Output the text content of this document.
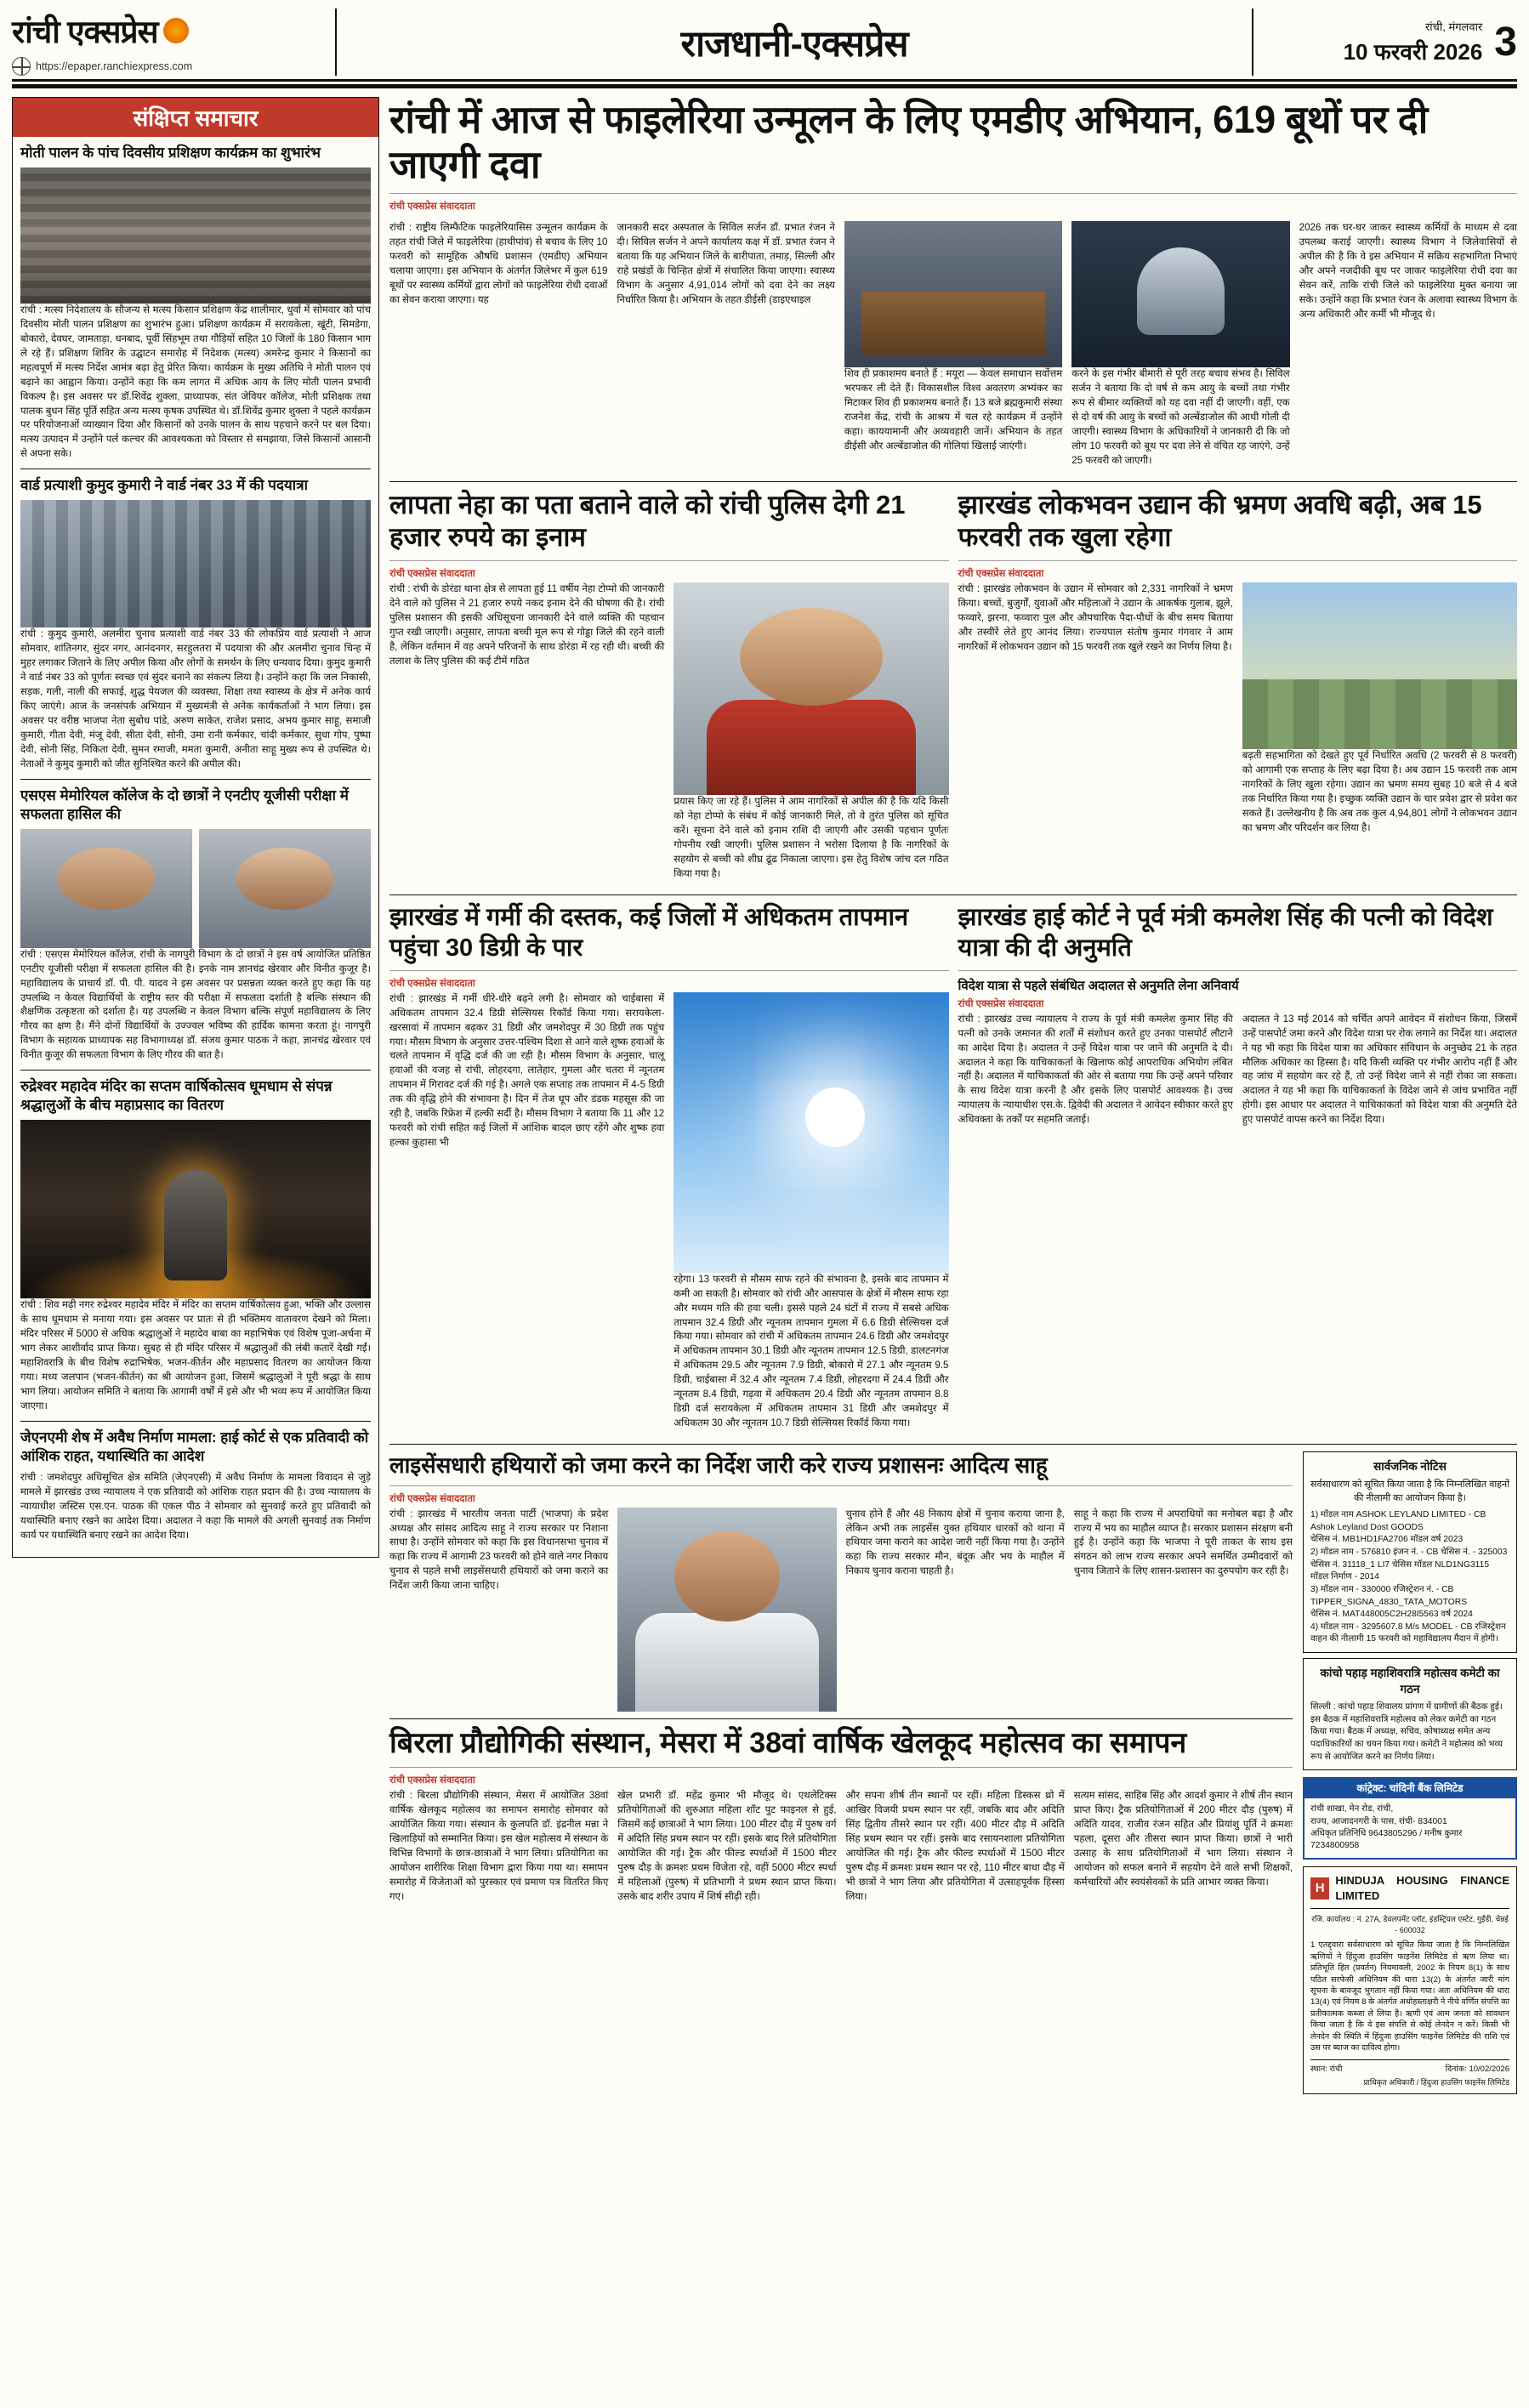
रांची एक्सप्रेस
https://epaper.ranchiexpress.com
राजधानी-एक्सप्रेस	रांची, मंगलवार
10 फरवरी 2026 3
संक्षिप्त समाचार
मोती पालन के पांच दिवसीय प्रशिक्षण कार्यक्रम का शुभारंभ

रांची : मत्स्य निदेशालय के सौजन्य से मत्स्य किसान प्रशिक्षण केंद्र शालीमार, धुर्वा में सोमवार को पांच दिवसीय मोती पालन प्रशिक्षण का शुभारंभ हुआ। प्रशिक्षण कार्यक्रम में सरायकेला, खूंटी, सिमडेगा, बोकारो, देवघर, जामताड़ा, धनबाद, पूर्वी सिंहभूम तथा गौड़ियों सहित 10 जिलों के 180 किसान भाग ले रहे हैं। प्रशिक्षण शिविर के उद्घाटन समारोह में निदेशक (मत्स्य) अमरेन्द्र कुमार ने किसानों का महत्वपूर्ण में मत्स्य निर्देश आमंत्र बढ़ा हेतु प्रेरित किया। कार्यक्रम के मुख्य अतिथि ने मोती पालन एवं बढ़ाने का आह्वान किया। उन्होंने कहा कि कम लागत में अधिक आय के लिए मोती पालन प्रभावी विकल्प है। इस अवसर पर डॉ.शिवेंद्र शुक्ला, प्राध्यापक, संत जेवियर कॉलेज, मोती प्रशिक्षक तथा पालक बुधन सिंह पूर्ति सहित अन्य मत्स्य कृषक उपस्थित थे। डॉ.शिवेंद्र कुमार शुक्ला ने पहले कार्यक्रम पर परियोजनाओं व्याख्यान दिया और किसानों को उनके पालन के साथ पहचाने करने पर बल दिया। मत्स्य उत्पादन में उन्होंने पर्ल कल्चर की आवश्यकता को विस्तार से समझाया, जिसे किसानों आसानी से अपना सके।

वार्ड प्रत्याशी कुमुद कुमारी ने वार्ड नंबर 33 में की पदयात्रा

रांची : कुमुद कुमारी, अलमीरा चुनाव प्रत्याशी वार्ड नंबर 33 की लोकप्रिय वार्ड प्रत्याशी ने आज सोमवार, शांतिनगर, सुंदर नगर, आनंदनगर, सरहुलतरा में पदयात्रा की और अलमीरा चुनाव चिन्ह में मुहर लगाकर जिताने के लिए अपील किया और लोगों के समर्थन के लिए धन्यवाद दिया। कुमुद कुमारी ने वार्ड नंबर 33 को पूर्णतः स्वच्छ एवं सुंदर बनाने का संकल्प लिया है। उन्होंने कहा कि जल निकासी, सड़क, गली, नाली की सफाई, शुद्ध पेयजल की व्यवस्था, शिक्षा तथा स्वास्थ्य के क्षेत्र में अनेक कार्य किए जाएंगे। आज के जनसंपर्क अभियान में मुख्यमंत्री से अनेक कार्यकर्ताओं ने भाग लिया। इस अवसर पर वरीष्ठ भाजपा नेता सुबोध पांडे, अरुण साकेत, राजेश प्रसाद, अभय कुमार साहू, समाजी कुमारी, गीता देवी, मंजू देवी, सीता देवी, सोनी, उमा रानी कर्मकार, चांदी कर्मकार, सुधा गोप, पुष्पा देवी, सोनी सिंह, निकिता देवी, सुमन रमाजी, ममता कुमारी, अनीता साहू मुख्य रूप से उपस्थित थे। नेताओं ने कुमुद कुमारी को जीत सुनिश्चित करने की अपील की।

एसएस मेमोरियल कॉलेज के दो छात्रों ने एनटीए यूजीसी परीक्षा में सफलता हासिल की

रांची : एसएस मेमोरियल कॉलेज, रांची के नागपुरी विभाग के दो छात्रों ने इस वर्ष आयोजित प्रतिष्ठित एनटीए यूजीसी परीक्षा में सफलता हासिल की है। इनके नाम ज्ञानचंद्र खेरवार और विनीत कुजूर है। महाविद्यालय के प्राचार्य डॉ. पी. पी. यादव ने इस अवसर पर प्रसन्नता व्यक्त करते हुए कहा कि यह उपलब्धि न केवल विद्यार्थियों के राष्ट्रीय स्तर की परीक्षा में सफलता दर्शाती है बल्कि संस्थान की शैक्षणिक उत्कृष्टता को दर्शाता है। यह उपलब्धि न केवल विभाग बल्कि संपूर्ण महाविद्यालय के लिए गौरव का क्षण है। मैंने दोनों विद्यार्थियों के उज्ज्वल भविष्य की हार्दिक कामना करता हूं। नागपुरी विभाग के सहायक प्राध्यापक सह विभागाध्यक्ष डॉ. संजय कुमार पाठक ने कहा, ज्ञानचंद्र खेरवार एवं विनीत कुजूर की सफलता विभाग के लिए गौरव की बात है।

रुद्रेश्वर महादेव मंदिर का सप्तम वार्षिकोत्सव धूमधाम से संपन्न श्रद्धालुओं के बीच महाप्रसाद का वितरण

रांची : शिव मढ़ी नगर रुद्रेश्वर महादेव मंदिर में मंदिर का सप्तम वार्षिकोत्सव हुआ, भक्ति और उल्लास के साथ धूमधाम से मनाया गया। इस अवसर पर प्रातः से ही भक्तिमय वातावरण देखने को मिला। मंदिर परिसर में 5000 से अधिक श्रद्धालुओं ने महादेव बाबा का महाभिषेक एवं विशेष पूजा-अर्चना में भाग लेकर आशीर्वाद प्राप्त किया। सुबह से ही मंदिर परिसर में श्रद्धालुओं की लंबी कतारें देखी गईं। महाशिवरात्रि के बीच विशेष रुद्राभिषेक, भजन-कीर्तन और महाप्रसाद वितरण का आयोजन किया गया। मध्य जलपान (भजन-कीर्तन) का श्री आयोजन हुआ, जिसमें श्रद्धालुओं ने पूरी श्रद्धा के साथ भाग लिया। आयोजन समिति ने बताया कि आगामी वर्षों में इसे और भी भव्य रूप में आयोजित किया जाएगा।

जेएनएमी शेष में अवैध निर्माण मामला: हाई कोर्ट से एक प्रतिवादी को आंशिक राहत, यथास्थिति का आदेश

रांची : जमशेदपुर अधिसूचित क्षेत्र समिति (जेएनएसी) में अवैध निर्माण के मामला विवादन से जुड़े मामले में झारखंड उच्च न्यायालय ने एक प्रतिवादी को आंशिक राहत प्रदान की है। उच्च न्यायालय के न्यायाधीश जस्टिस एस.एन. पाठक की एकल पीठ ने सोमवार को सुनवाई करते हुए प्रतिवादी को यथास्थिति बनाए रखने का आदेश दिया। अदालत ने कहा कि मामले की अगली सुनवाई तक निर्माण कार्य पर यथास्थिति बनाए रखने का आदेश दिया।

रांची में आज से फाइलेरिया उन्मूलन के लिए एमडीए अभियान, 619 बूथों पर दी जाएगी दवा
रांची एक्सप्रेस संवाददाता

रांची : राष्ट्रीय लिम्फैटिक फाइलेरियासिस उन्मूलन कार्यक्रम के तहत रांची जिले में फाइलेरिया (हाथीपांव) से बचाव के लिए 10 फरवरी को सामूहिक औषधि प्रशासन (एमडीए) अभियान चलाया जाएगा। इस अभियान के अंतर्गत जिलेभर में कुल 619 बूथों पर स्वास्थ्य कर्मियों द्वारा लोगों को फाइलेरिया रोधी दवाओं का सेवन कराया जाएगा। यह

जानकारी सदर अस्पताल के सिविल सर्जन डॉ. प्रभात रंजन ने दी। सिविल सर्जन ने अपने कार्यालय कक्ष में डॉ. प्रभात रंजन ने बताया कि यह अभियान जिले के बारीपाता, तमाड़, सिल्ली और राहे प्रखंडों के चिन्हित क्षेत्रों में संचालित किया जाएगा। स्वास्थ्य विभाग के अनुसार 4,91,014 लोगों को दवा देने का लक्ष्य निर्धारित किया है। अभियान के तहत डीईसी (डाइएथाइल

शिव ही प्रकाशमय बनाते हैं : मयूरा — केवल समाधान सर्वोत्तम भरपकर ली देते हैं। विकासशील विश्व अवतरण अभ्यंकर का मिटाकर शिव ही प्रकाशमय बनाते हैं। 13 बजे ब्रह्मकुमारी संस्था राजनेश केंद्र, रांची के आश्रय में चल रहे कार्यक्रम में उन्होंने कहा। काययामानी और अव्यवहारी जानें। अभियान के तहत डीईसी और अल्बेंडाजोल की गोलियां खिलाई जाएंगी।

करने के इस गंभीर बीमारी से पूरी तरह बचाव संभव है। सिविल सर्जन ने बताया कि दो वर्ष से कम आयु के बच्चों तथा गंभीर रूप से बीमार व्यक्तियों को यह दवा नहीं दी जाएगी। वहीं, एक से दो वर्ष की आयु के बच्चों को अल्बेंडाजोल की आधी गोली दी जाएगी। स्वास्थ्य विभाग के अधिकारियों ने जानकारी दी कि जो लोग 10 फरवरी को बूथ पर दवा लेने से वंचित रह जाएंगे, उन्हें 25 फरवरी को जाएगी।

2026 तक घर-घर जाकर स्वास्थ्य कर्मियों के माध्यम से दवा उपलब्ध कराई जाएगी। स्वास्थ्य विभाग ने जिलेवासियों से अपील की है कि वे इस अभियान में सक्रिय सहभागिता निभाएं और अपने नजदीकी बूथ पर जाकर फाइलेरिया रोधी दवा का सेवन करें, ताकि रांची जिले को फाइलेरिया मुक्त बनाया जा सके। उन्होंने कहा कि प्रभात रंजन के अलावा स्वास्थ्य विभाग के अन्य अधिकारी और कर्मी भी मौजूद थे।

लापता नेहा का पता बताने वाले को रांची पुलिस देगी 21 हजार रुपये का इनाम
रांची एक्सप्रेस संवाददाता

रांची : रांची के डोरंडा थाना क्षेत्र से लापता हुई 11 वर्षीय नेहा टोप्पो की जानकारी देने वाले को पुलिस ने 21 हजार रुपये नकद इनाम देने की घोषणा की है। रांची पुलिस प्रशासन की इसकी अधिसूचना जानकारी देने वाले व्यक्ति की पहचान गुप्त रखी जाएगी। अनुसार, लापता बच्ची मूल रूप से गोड्डा जिले की रहने वाली है, लेकिन वर्तमान में वह अपने परिजनों के साथ डोरंडा में रह रही थी। बच्ची की तलाश के लिए पुलिस की कई टीमें गठित

प्रयास किए जा रहे हैं। पुलिस ने आम नागरिकों से अपील की है कि यदि किसी को नेहा टोप्पो के संबंध में कोई जानकारी मिले, तो वे तुरंत पुलिस को सूचित करें। सूचना देने वाले को इनाम राशि दी जाएगी और उसकी पहचान पूर्णतः गोपनीय रखी जाएगी। पुलिस प्रशासन ने भरोसा दिलाया है कि नागरिकों के सहयोग से बच्ची को शीघ्र ढूंढ निकाला जाएगा। इस हेतु विशेष जांच दल गठित किया गया है।

झारखंड लोकभवन उद्यान की भ्रमण अवधि बढ़ी, अब 15 फरवरी तक खुला रहेगा
रांची एक्सप्रेस संवाददाता

रांची : झारखंड लोकभवन के उद्यान में सोमवार को 2,331 नागरिकों ने भ्रमण किया। बच्चों, बुजुर्गों, युवाओं और महिलाओं ने उद्यान के आकर्षक गुलाब, झूले, फव्वारे, झरना, फव्वारा पुल और औपचारिक पैदा-पौधों के बीच समय बिताया और तस्वीरें लेते हुए आनंद लिया। राज्यपाल संतोष कुमार गंगवार ने आम नागरिकों में लोकभवन उद्यान को 15 फरवरी तक खुले रखने का निर्णय लिया है।

बढ़ती सहभागिता को देखते हुए पूर्व निर्धारित अवधि (2 फरवरी से 8 फरवरी) को आगामी एक सप्ताह के लिए बढ़ा दिया है। अब उद्यान 15 फरवरी तक आम नागरिकों के लिए खुला रहेगा। उद्यान का भ्रमण समय सुबह 10 बजे से 4 बजे तक निर्धारित किया गया है। इच्छुक व्यक्ति उद्यान के चार प्रवेश द्वार से प्रवेश कर सकते हैं। उल्लेखनीय है कि अब तक कुल 4,94,801 लोगों ने लोकभवन उद्यान का भ्रमण और परिदर्शन कर लिया है।

झारखंड में गर्मी की दस्तक, कई जिलों में अधिकतम तापमान पहुंचा 30 डिग्री के पार
रांची एक्सप्रेस संवाददाता

रांची : झारखंड में गर्मी धीरे-धीरे बढ़ने लगी है। सोमवार को चाईबासा में अधिकतम तापमान 32.4 डिग्री सेल्सियस रिकॉर्ड किया गया। सरायकेला-खरसावां में तापमान बढ़कर 31 डिग्री और जमशेदपुर में 30 डिग्री तक पहुंच गया। मौसम विभाग के अनुसार उत्तर-पश्चिम दिशा से आने वाले शुष्क हवाओं के चलते तापमान में वृद्धि दर्ज की जा रही है। मौसम विभाग के अनुसार, चालू हवाओं की वजह से रांची, लोहरदगा, लातेहार, गुमला और चतरा में न्यूनतम तापमान में गिरावट दर्ज की गई है। अगले एक सप्ताह तक तापमान में 4-5 डिग्री तक की वृद्धि होने की संभावना है। दिन में तेज धूप और डंडक महसूस की जा रही है, जबकि रिफ्रेश में हल्की सर्दी है। मौसम विभाग ने बताया कि 11 और 12 फरवरी को रांची सहित कई जिलों में आंशिक बादल छाए रहेंगे और शुष्क हवा हल्का कुहासा भी

रहेगा। 13 फरवरी से मौसम साफ रहने की संभावना है, इसके बाद तापमान में कमी आ सकती है। सोमवार को रांची और आसपास के क्षेत्रों में मौसम साफ रहा और मध्यम गति की हवा चली। इससे पहले 24 घंटों में राज्य में सबसे अधिक तापमान 32.4 डिग्री और न्यूनतम तापमान गुमला में 6.6 डिग्री सेल्सियस दर्ज किया गया। सोमवार को रांची में अधिकतम तापमान 24.6 डिग्री और जमशेदपुर में अधिकतम तापमान 30.1 डिग्री और न्यूनतम तापमान 12.5 डिग्री, डालटनगंज में अधिकतम 29.5 और न्यूनतम 7.9 डिग्री, बोकारो में 27.1 और न्यूनतम 9.5 डिग्री, चाईबासा में 32.4 और न्यूनतम 7.4 डिग्री, लोहरदगा में 24.4 डिग्री और न्यूनतम 8.4 डिग्री, गढ़वा में अधिकतम 20.4 डिग्री और न्यूनतम तापमान 8.8 डिग्री दर्ज सरायकेला में अधिकतम तापमान 31 डिग्री और जमशेदपुर में अधिकतम 30 और न्यूनतम 10.7 डिग्री सेल्सियस रिकॉर्ड किया गया।

झारखंड हाई कोर्ट ने पूर्व मंत्री कमलेश सिंह की पत्नी को विदेश यात्रा की दी अनुमति
विदेश यात्रा से पहले संबंधित अदालत से अनुमति लेना अनिवार्य
रांची एक्सप्रेस संवाददाता

रांची : झारखंड उच्च न्यायालय ने राज्य के पूर्व मंत्री कमलेश कुमार सिंह की पत्नी को उनके जमानत की शर्तों में संशोधन करते हुए उनका पासपोर्ट लौटाने का आदेश दिया है। अदालत ने उन्हें विदेश यात्रा पर जाने की अनुमति दे दी। अदालत ने कहा कि याचिकाकर्ता के खिलाफ कोई आपराधिक अभियोग लंबित नहीं है। अदालत में याचिकाकर्ता की ओर से बताया गया कि उन्हें अपने परिवार के साथ विदेश यात्रा करनी है और इसके लिए पासपोर्ट आवश्यक है। उच्च न्यायालय के न्यायाधीश एस.के. द्विवेदी की अदालत ने आवेदन स्वीकार करते हुए अधिवक्ता के तर्कों पर सहमति जताई।

अदालत ने 13 मई 2014 को चर्चित अपने आवेदन में संशोधन किया, जिसमें उन्हें पासपोर्ट जमा करने और विदेश यात्रा पर रोक लगाने का निर्देश था। अदालत ने यह भी कहा कि विदेश यात्रा का अधिकार संविधान के अनुच्छेद 21 के तहत मौलिक अधिकार का हिस्सा है। यदि किसी व्यक्ति पर गंभीर आरोप नहीं हैं और वह जांच में सहयोग कर रहे हैं, तो उन्हें विदेश जाने से नहीं रोका जा सकता। अदालत ने यह भी कहा कि याचिकाकर्ता के विदेश जाने से जांच प्रभावित नहीं होगी। इस आधार पर अदालत ने याचिकाकर्ता को विदेश यात्रा की अनुमति देते हुए पासपोर्ट वापस करने का निर्देश दिया।

लाइसेंसधारी हथियारों को जमा करने का निर्देश जारी करे राज्य प्रशासनः आदित्य साहू
रांची एक्सप्रेस संवाददाता

रांची : झारखंड में भारतीय जनता पार्टी (भाजपा) के प्रदेश अध्यक्ष और सांसद आदित्य साहू ने राज्य सरकार पर निशाना साधा है। उन्होंने सोमवार को कहा कि इस विधानसभा चुनाव में कहा कि राज्य में आगामी 23 फरवरी को होने वाले नगर निकाय चुनाव से पहले सभी लाइसेंसधारी हथियारों को जमा कराने का निर्देश जारी किया जाना चाहिए।

चुनाव होने हैं और 48 निकाय क्षेत्रों में चुनाव कराया जाना है, लेकिन अभी तक लाइसेंस युक्त हथियार धारकों को थाना में हथियार जमा कराने का आदेश जारी नहीं किया गया है। उन्होंने कहा कि राज्य सरकार मौन, बंदूक और भय के माहौल में निकाय चुनाव कराना चाहती है।

साहू ने कहा कि राज्य में अपराधियों का मनोबल बढ़ा है और राज्य में भय का माहौल व्याप्त है। सरकार प्रशासन संरक्षण बनी हुई है। उन्होंने कहा कि भाजपा ने पूरी ताकत के साथ इस संगठन को लाभ राज्य सरकार अपने समर्थित उम्मीदवारों को चुनाव जिताने के लिए शासन-प्रशासन का दुरुपयोग कर रही है।

बिरला प्रौद्योगिकी संस्थान, मेसरा में 38वां वार्षिक खेलकूद महोत्सव का समापन
रांची एक्सप्रेस संवाददाता

रांची : बिरला प्रौद्योगिकी संस्थान, मेसरा में आयोजित 38वां वार्षिक खेलकूद महोत्सव का समापन समारोह सोमवार को आयोजित किया गया। संस्थान के कुलपति डॉ. इंद्रनील मन्ना ने खिलाड़ियों को सम्मानित किया। इस खेल महोत्सव में संस्थान के विभिन्न विभागों के छात्र-छात्राओं ने भाग लिया। प्रतियोगिता का आयोजन शारीरिक शिक्षा विभाग द्वारा किया गया था। समापन समारोह में विजेताओं को पुरस्कार एवं प्रमाण पत्र वितरित किए गए।

खेल प्रभारी डॉ. महेंद्र कुमार भी मौजूद थे। एथलेटिक्स प्रतियोगिताओं की शुरुआत महिला शॉट पुट फाइनल से हुई, जिसमें कई छात्राओं ने भाग लिया। 100 मीटर दौड़ में पुरुष वर्ग में अदिति सिंह प्रथम स्थान पर रहीं। इसके बाद रिले प्रतियोगिता आयोजित की गई। ट्रैक और फील्ड स्पर्धाओं में 1500 मीटर पुरुष दौड़ के क्रमशः प्रथम विजेता रहे, वहीं 5000 मीटर स्पर्धा में महिलाओं (पुरुष) में प्रतिभागी ने प्रथम स्थान प्राप्त किया। उसके बाद शरीर उपाय में शिर्ष सीढ़ी रही।

और सपना शीर्ष तीन स्थानों पर रहीं। महिला डिस्कस थ्रो में आखिर विजयी प्रथम स्थान पर रहीं, जबकि बाद और अदिति सिंह द्वितीय तीसरे स्थान पर रहीं। 400 मीटर दौड़ में अदिति सिंह प्रथम स्थान पर रहीं। इसके बाद रसायनशाला प्रतियोगिता आयोजित की गई। ट्रैक और फील्ड स्पर्धाओं में 1500 मीटर पुरुष दौड़ में क्रमशः प्रथम स्थान पर रहे, 110 मीटर बाधा दौड़ में भी छात्रों ने भाग लिया और प्रतियोगिता में उत्साहपूर्वक हिस्सा लिया।

सत्यम सांसद, साहिब सिंह और आदर्श कुमार ने शीर्ष तीन स्थान प्राप्त किए। ट्रैक प्रतियोगिताओं में 200 मीटर दौड़ (पुरुष) में अदिति यादव, राजीव रंजन सहित और प्रियांशु पूर्ति ने क्रमशः पहला, दूसरा और तीसरा स्थान प्राप्त किया। छात्रों ने भारी उत्साह के साथ प्रतियोगिताओं में भाग लिया। संस्थान ने आयोजन को सफल बनाने में सहयोग देने वाले सभी शिक्षकों, कर्मचारियों और स्वयंसेवकों के प्रति आभार व्यक्त किया।

सार्वजनिक नोटिस
सर्वसाधारण को सूचित किया जाता है कि निम्नलिखित वाहनों की नीलामी का आयोजन किया है।
1) मॉडल नाम ASHOK LEYLAND LIMITED - CB Ashok Leyland Dost GOODS
चेसिस नं. MB1HD1FA2706 मॉडल वर्ष 2023
2) मॉडल नाम - 576810 इंजन नं. - CB चेसिस नं. - 325003
चेसिस नं. 31118_1 LI7 चेसिस मॉडल NLD1NG3115 मॉडल निर्माण - 2014
3) मॉडल नाम - 330000 रजिस्ट्रेशन नं. - CB TIPPER_SIGNA_4830_TATA_MOTORS
चेसिस नं. MAT448005C2H28I5563 वर्ष 2024
4) मॉडल नाम - 3295607.8 M/s MODEL - CB रजिस्ट्रेशन वाहन की नीलामी 15 फरवरी को महाविद्यालय मैदान में होगी।
कांचो पहाड़ महाशिवरात्रि महोत्सव कमेटी का गठन
सिल्ली : कांचो पहाड़ शिवालय प्रांगण में ग्रामीणों की बैठक हुई। इस बैठक में महाशिवरात्रि महोत्सव को लेकर कमेटी का गठन किया गया। बैठक में अध्यक्ष, सचिव, कोषाध्यक्ष समेत अन्य पदाधिकारियों का चयन किया गया। कमेटी ने महोत्सव को भव्य रूप से आयोजित करने का निर्णय लिया।
कांट्रेक्ट: चांदिनी बैंक लिमिटेड
रांची शाखा, मेन रोड, रांची,
राज्य, आजादनगरी के पास, रांची- 834001
अधिकृत प्रतिनिधि 9643805296 / मनीष कुमार 7234800958
H
HINDUJA HOUSING FINANCE LIMITED
रजि. कार्यालय : नं. 27A, डेवलपमेंट प्लॉट, इंडस्ट्रियल एस्टेट, गुईंडी, चेन्नई - 600032
1 एतद्द्वारा सर्वसाधारण को सूचित किया जाता है कि निम्नलिखित ऋणियों ने हिंदुजा हाउसिंग फाइनेंस लिमिटेड से ऋण लिया था। प्रतिभूति हित (प्रवर्तन) नियमावली, 2002 के नियम 8(1) के साथ पठित सरफेसी अधिनियम की धारा 13(2) के अंतर्गत जारी मांग सूचना के बावजूद भुगतान नहीं किया गया। अतः अधिनियम की धारा 13(4) एवं नियम 8 के अंतर्गत अधोहस्ताक्षरी ने नीचे वर्णित संपत्ति का प्रतीकात्मक कब्जा ले लिया है। ऋणी एवं आम जनता को सावधान किया जाता है कि वे इस संपत्ति से कोई लेनदेन न करें। किसी भी लेनदेन की स्थिति में हिंदुजा हाउसिंग फाइनेंस लिमिटेड की राशि एवं उस पर ब्याज का दायित्व होगा।
स्थान: रांची	दिनांक: 10/02/2026
प्राधिकृत अधिकारी / हिंदुजा हाउसिंग फाइनेंस लिमिटेड
